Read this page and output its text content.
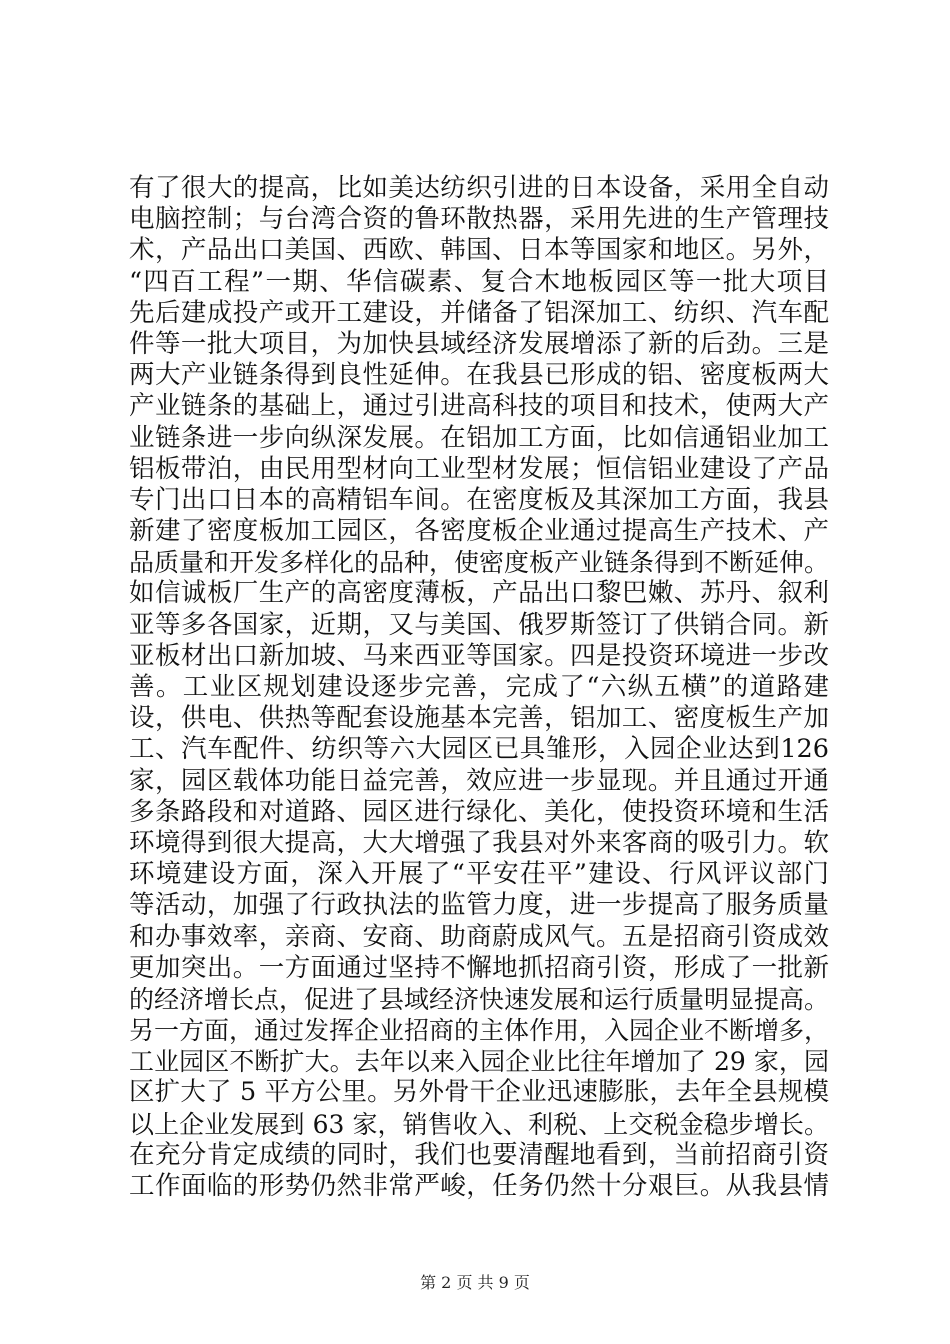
有了很大的提高，比如美达纺织引进的日本设备，采用全自动
电脑控制；与台湾合资的鲁环散热器，采用先进的生产管理技
术，产品出口美国、西欧、韩国、日本等国家和地区。另外，
“四百工程”一期、华信碳素、复合木地板园区等一批大项目
先后建成投产或开工建设，并储备了铝深加工、纺织、汽车配
件等一批大项目，为加快县域经济发展增添了新的后劲。三是
两大产业链条得到良性延伸。在我县已形成的铝、密度板两大
产业链条的基础上，通过引进高科技的项目和技术，使两大产
业链条进一步向纵深发展。在铝加工方面，比如信通铝业加工
铝板带泊，由民用型材向工业型材发展；恒信铝业建设了产品
专门出口日本的高精铝车间。在密度板及其深加工方面，我县
新建了密度板加工园区，各密度板企业通过提高生产技术、产
品质量和开发多样化的品种，使密度板产业链条得到不断延伸。
如信诚板厂生产的高密度薄板，产品出口黎巴嫩、苏丹、叙利
亚等多各国家，近期，又与美国、俄罗斯签订了供销合同。新
亚板材出口新加坡、马来西亚等国家。四是投资环境进一步改
善。工业区规划建设逐步完善，完成了“六纵五横”的道路建
设，供电、供热等配套设施基本完善，铝加工、密度板生产加
工、汽车配件、纺织等六大园区已具雏形，入园企业达到126
家，园区载体功能日益完善，效应进一步显现。并且通过开通
多条路段和对道路、园区进行绿化、美化，使投资环境和生活
环境得到很大提高，大大增强了我县对外来客商的吸引力。软
环境建设方面，深入开展了“平安茌平”建设、行风评议部门
等活动，加强了行政执法的监管力度，进一步提高了服务质量
和办事效率，亲商、安商、助商蔚成风气。五是招商引资成效
更加突出。一方面通过坚持不懈地抓招商引资，形成了一批新
的经济增长点，促进了县域经济快速发展和运行质量明显提高。
另一方面，通过发挥企业招商的主体作用，入园企业不断增多，
工业园区不断扩大。去年以来入园企业比往年增加了 29 家，园
区扩大了 5 平方公里。另外骨干企业迅速膨胀，去年全县规模
以上企业发展到 63 家，销售收入、利税、上交税金稳步增长。
在充分肯定成绩的同时，我们也要清醒地看到，当前招商引资
工作面临的形势仍然非常严峻，任务仍然十分艰巨。从我县情
第 2 页 共 9 页
